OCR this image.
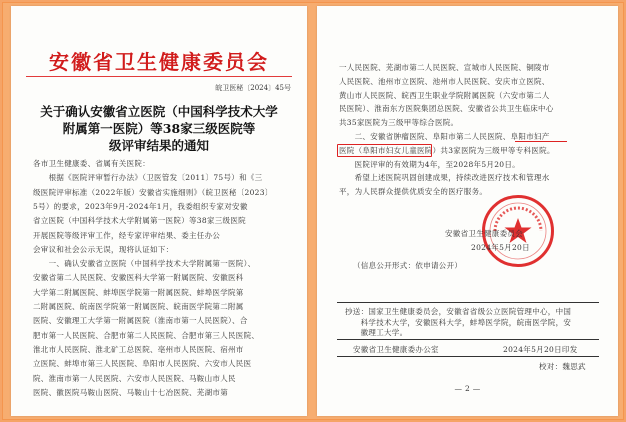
安徽省卫生健康委员会
皖卫医秘〔2024〕45号
关于确认安徽省立医院（中国科学技术大学
附属第一医院）等38家三级医院等
级评审结果的通知
各市卫生健康委、省属有关医院：
　　根据《医院评审暂行办法》（卫医管发〔2011〕75号）和《三
级医院评审标准（2022年版）安徽省实施细则》（皖卫医秘〔2023〕
5号）的要求，2023年9月-2024年1月，我委组织专家对安徽
省立医院（中国科学技术大学附属第一医院）等38家三级医院
开展医院等级评审工作，经专家评审结果、委主任办公
会审议和社会公示无误，现将认证如下：
　　一、确认安徽省立医院（中国科学技术大学附属第一医院）、
安徽省第二人民医院、安徽医科大学第一附属医院、安徽医科
大学第二附属医院、蚌埠医学院第一附属医院、蚌埠医学院第
二附属医院、皖南医学院第一附属医院、皖南医学院第二附属
医院、安徽理工大学第一附属医院（淮南市第一人民医院）、合
肥市第一人民医院、合肥市第二人民医院、合肥市第三人民医院、
淮北市人民医院、淮北矿工总医院、亳州市人民医院、宿州市
立医院、蚌埠市第三人民医院、阜阳市人民医院、六安市人民医
院、淮南市第一人民医院、六安市人民医院、马鞍山市人民
医院、徽医院马鞍山医院、马鞍山十七冶医院、芜湖市第
一人民医院、芜湖市第二人民医院、宣城市人民医院、铜陵市
人民医院、池州市立医院、池州市人民医院、安庆市立医院、
黄山市人民医院、皖西卫生职业学院附属医院（六安市第二人
民医院）、淮南东方医院集团总医院、安徽省公共卫生临床中心
共35家医院为三级甲等综合医院。
　　二、安徽省肿瘤医院、阜阳市第二人民医院、阜阳市妇产
医院（阜阳市妇女儿童医院）共3家医院为三级甲等专科医院。
　　医院评审的有效期为4年，至2028年5月20日。
　　希望上述医院巩固创建成果，持续改进医疗技术和管理水
平，为人民群众提供优质安全的医疗服务。
安徽省卫生健康委员会
2024年5月20日
（信息公开形式：依申请公开）
抄送：国家卫生健康委员会，安徽省省级公立医院管理中心，中国
　　科学技术大学，安徽医科大学，蚌埠医学院，皖南医学院，安
　　徽理工大学。
安徽省卫生健康委办公室	2024年5月20日印发
校对：魏思武
— 2 —
